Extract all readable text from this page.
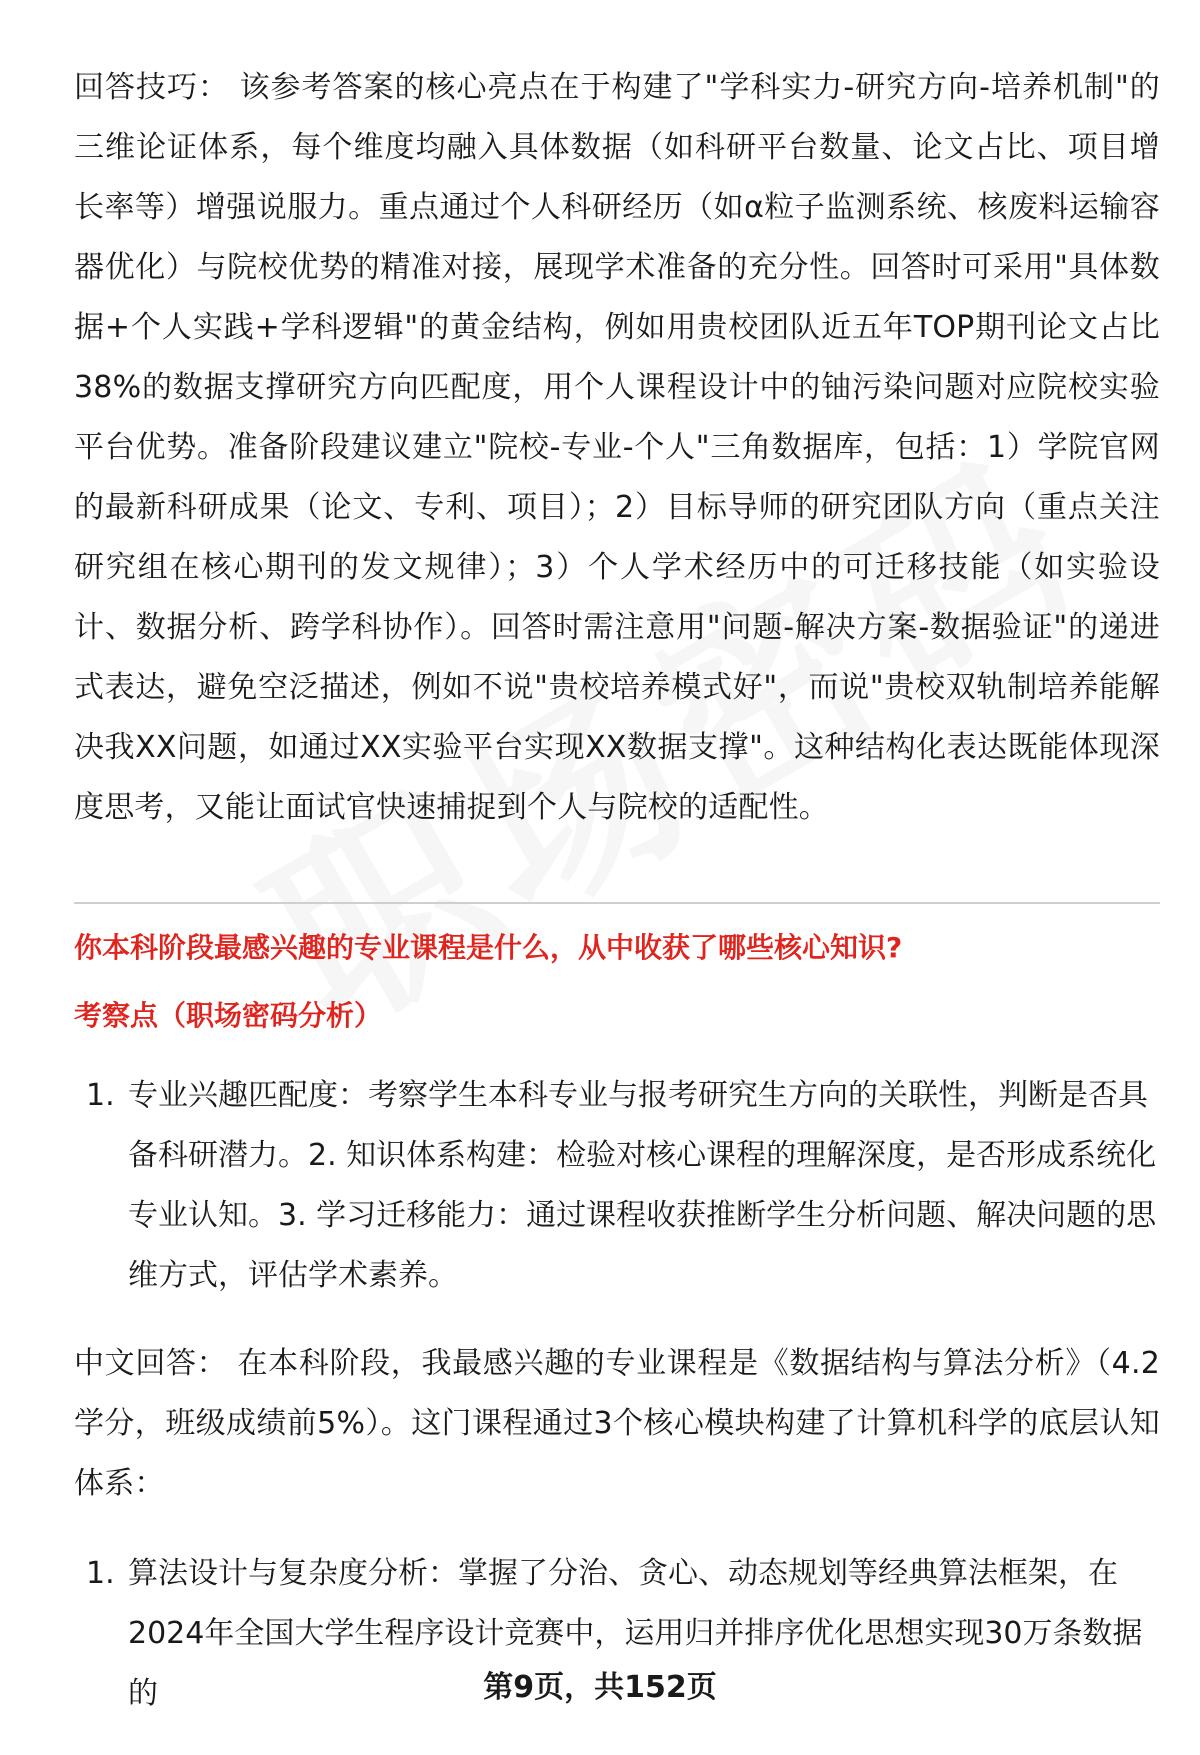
回答技巧： 该参考答案的核心亮点在于构建了"学科实力-研究方向-培养机制"的三维论证体系，每个维度均融入具体数据（如科研平台数量、论文占比、项目增长率等）增强说服力。重点通过个人科研经历（如α粒子监测系统、核废料运输容器优化）与院校优势的精准对接，展现学术准备的充分性。回答时可采用"具体数据+个人实践+学科逻辑"的黄金结构，例如用贵校团队近五年TOP期刊论文占比38%的数据支撑研究方向匹配度，用个人课程设计中的铀污染问题对应院校实验平台优势。准备阶段建议建立"院校-专业-个人"三角数据库，包括：1）学院官网的最新科研成果（论文、专利、项目）；2）目标导师的研究团队方向（重点关注研究组在核心期刊的发文规律）；3）个人学术经历中的可迁移技能（如实验设计、数据分析、跨学科协作）。回答时需注意用"问题-解决方案-数据验证"的递进式表达，避免空泛描述，例如不说"贵校培养模式好"，而说"贵校双轨制培养能解决我XX问题，如通过XX实验平台实现XX数据支撑"。这种结构化表达既能体现深度思考，又能让面试官快速捕捉到个人与院校的适配性。

你本科阶段最感兴趣的专业课程是什么，从中收获了哪些核心知识?
考察点（职场密码分析）
1. 专业兴趣匹配度：考察学生本科专业与报考研究生方向的关联性，判断是否具备科研潜力。2. 知识体系构建：检验对核心课程的理解深度，是否形成系统化专业认知。3. 学习迁移能力：通过课程收获推断学生分析问题、解决问题的思维方式，评估学术素养。

中文回答： 在本科阶段，我最感兴趣的专业课程是《数据结构与算法分析》（4.2学分，班级成绩前5%）。这门课程通过3个核心模块构建了计算机科学的底层认知体系：

1. 算法设计与复杂度分析：掌握了分治、贪心、动态规划等经典算法框架，在2024年全国大学生程序设计竞赛中，运用归并排序优化思想实现30万条数据的	第9页，共152页
